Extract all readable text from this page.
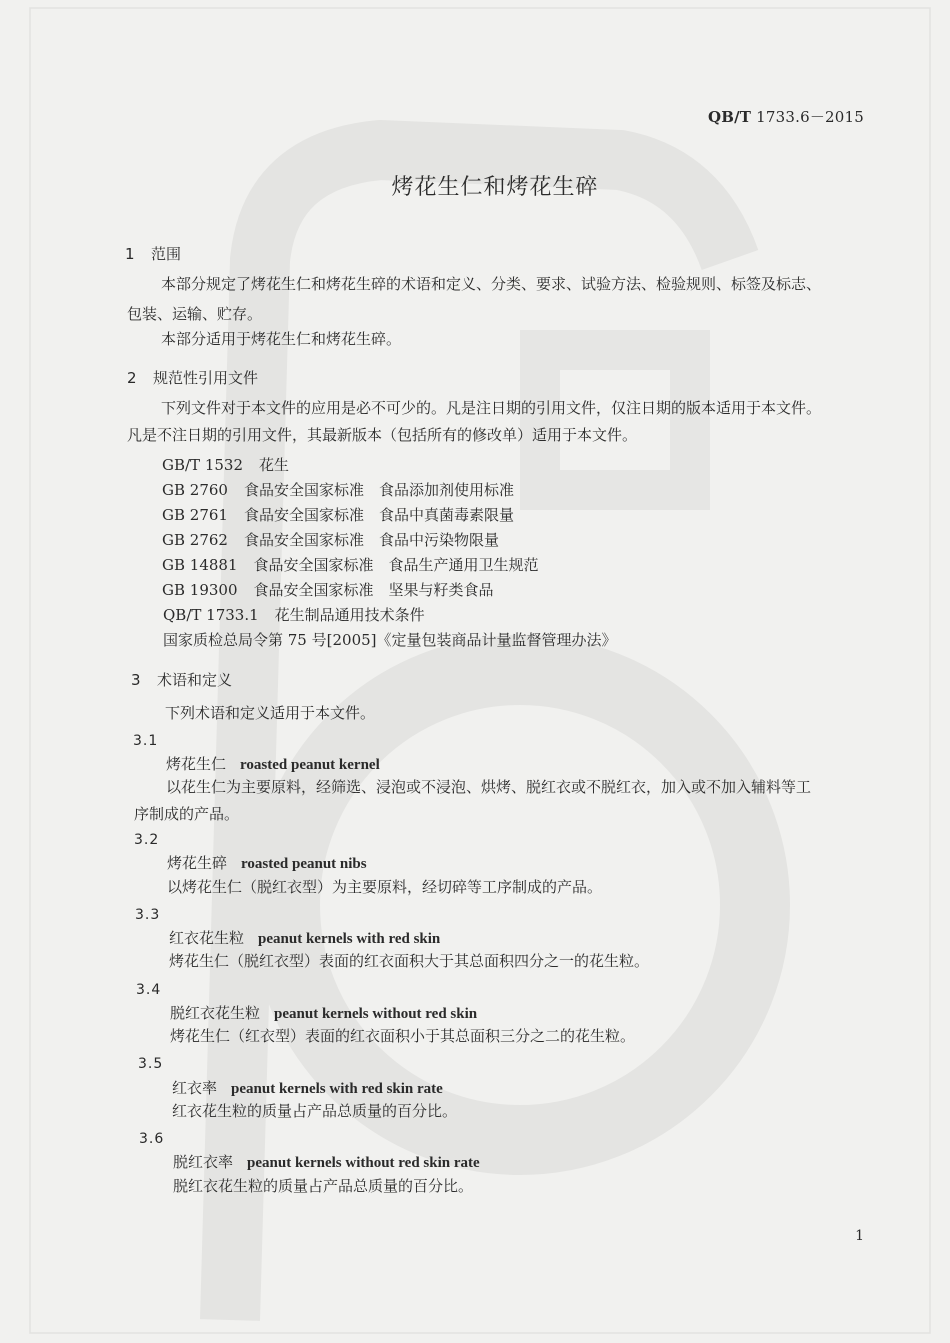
QB/T 1733.6－2015
烤花生仁和烤花生碎
1 范围
本部分规定了烤花生仁和烤花生碎的术语和定义、分类、要求、试验方法、检验规则、标签及标志、
包装、运输、贮存。
本部分适用于烤花生仁和烤花生碎。
2 规范性引用文件
下列文件对于本文件的应用是必不可少的。凡是注日期的引用文件，仅注日期的版本适用于本文件。
凡是不注日期的引用文件，其最新版本（包括所有的修改单）适用于本文件。
GB/T 1532 花生
GB 2760 食品安全国家标准　食品添加剂使用标准
GB 2761 食品安全国家标准　食品中真菌毒素限量
GB 2762 食品安全国家标准　食品中污染物限量
GB 14881 食品安全国家标准　食品生产通用卫生规范
GB 19300 食品安全国家标准　坚果与籽类食品
QB/T 1733.1 花生制品通用技术条件
国家质检总局令第 75 号[2005]《定量包装商品计量监督管理办法》
3 术语和定义
下列术语和定义适用于本文件。
3.1
烤花生仁 roasted peanut kernel
以花生仁为主要原料，经筛选、浸泡或不浸泡、烘烤、脱红衣或不脱红衣，加入或不加入辅料等工
序制成的产品。
3.2
烤花生碎 roasted peanut nibs
以烤花生仁（脱红衣型）为主要原料，经切碎等工序制成的产品。
3.3
红衣花生粒 peanut kernels with red skin
烤花生仁（脱红衣型）表面的红衣面积大于其总面积四分之一的花生粒。
3.4
脱红衣花生粒 peanut kernels without red skin
烤花生仁（红衣型）表面的红衣面积小于其总面积三分之二的花生粒。
3.5
红衣率 peanut kernels with red skin rate
红衣花生粒的质量占产品总质量的百分比。
3.6
脱红衣率 peanut kernels without red skin rate
脱红衣花生粒的质量占产品总质量的百分比。
1
